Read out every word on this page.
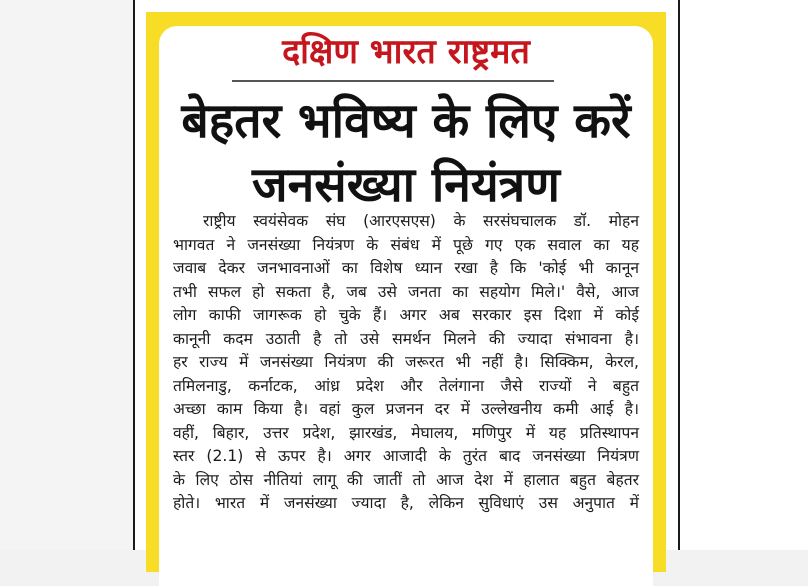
दक्षिण भारत राष्ट्रमत
बेहतर भविष्य के लिए करें
जनसंख्या नियंत्रण
राष्ट्रीय स्वयंसेवक संघ (आरएसएस) के सरसंघचालक डॉ. मोहन
भागवत ने जनसंख्या नियंत्रण के संबंध में पूछे गए एक सवाल का यह
जवाब देकर जनभावनाओं का विशेष ध्यान रखा है कि 'कोई भी कानून
तभी सफल हो सकता है, जब उसे जनता का सहयोग मिले।' वैसे, आज
लोग काफी जागरूक हो चुके हैं। अगर अब सरकार इस दिशा में कोई
कानूनी कदम उठाती है तो उसे समर्थन मिलने की ज्यादा संभावना है।
हर राज्य में जनसंख्या नियंत्रण की जरूरत भी नहीं है। सिक्किम, केरल,
तमिलनाडु, कर्नाटक, आंध्र प्रदेश और तेलंगाना जैसे राज्यों ने बहुत
अच्छा काम किया है। वहां कुल प्रजनन दर में उल्लेखनीय कमी आई है।
वहीं, बिहार, उत्तर प्रदेश, झारखंड, मेघालय, मणिपुर में यह प्रतिस्थापन
स्तर (2.1) से ऊपर है। अगर आजादी के तुरंत बाद जनसंख्या नियंत्रण
के लिए ठोस नीतियां लागू की जातीं तो आज देश में हालात बहुत बेहतर
होते। भारत में जनसंख्या ज्यादा है, लेकिन सुविधाएं उस अनुपात में
